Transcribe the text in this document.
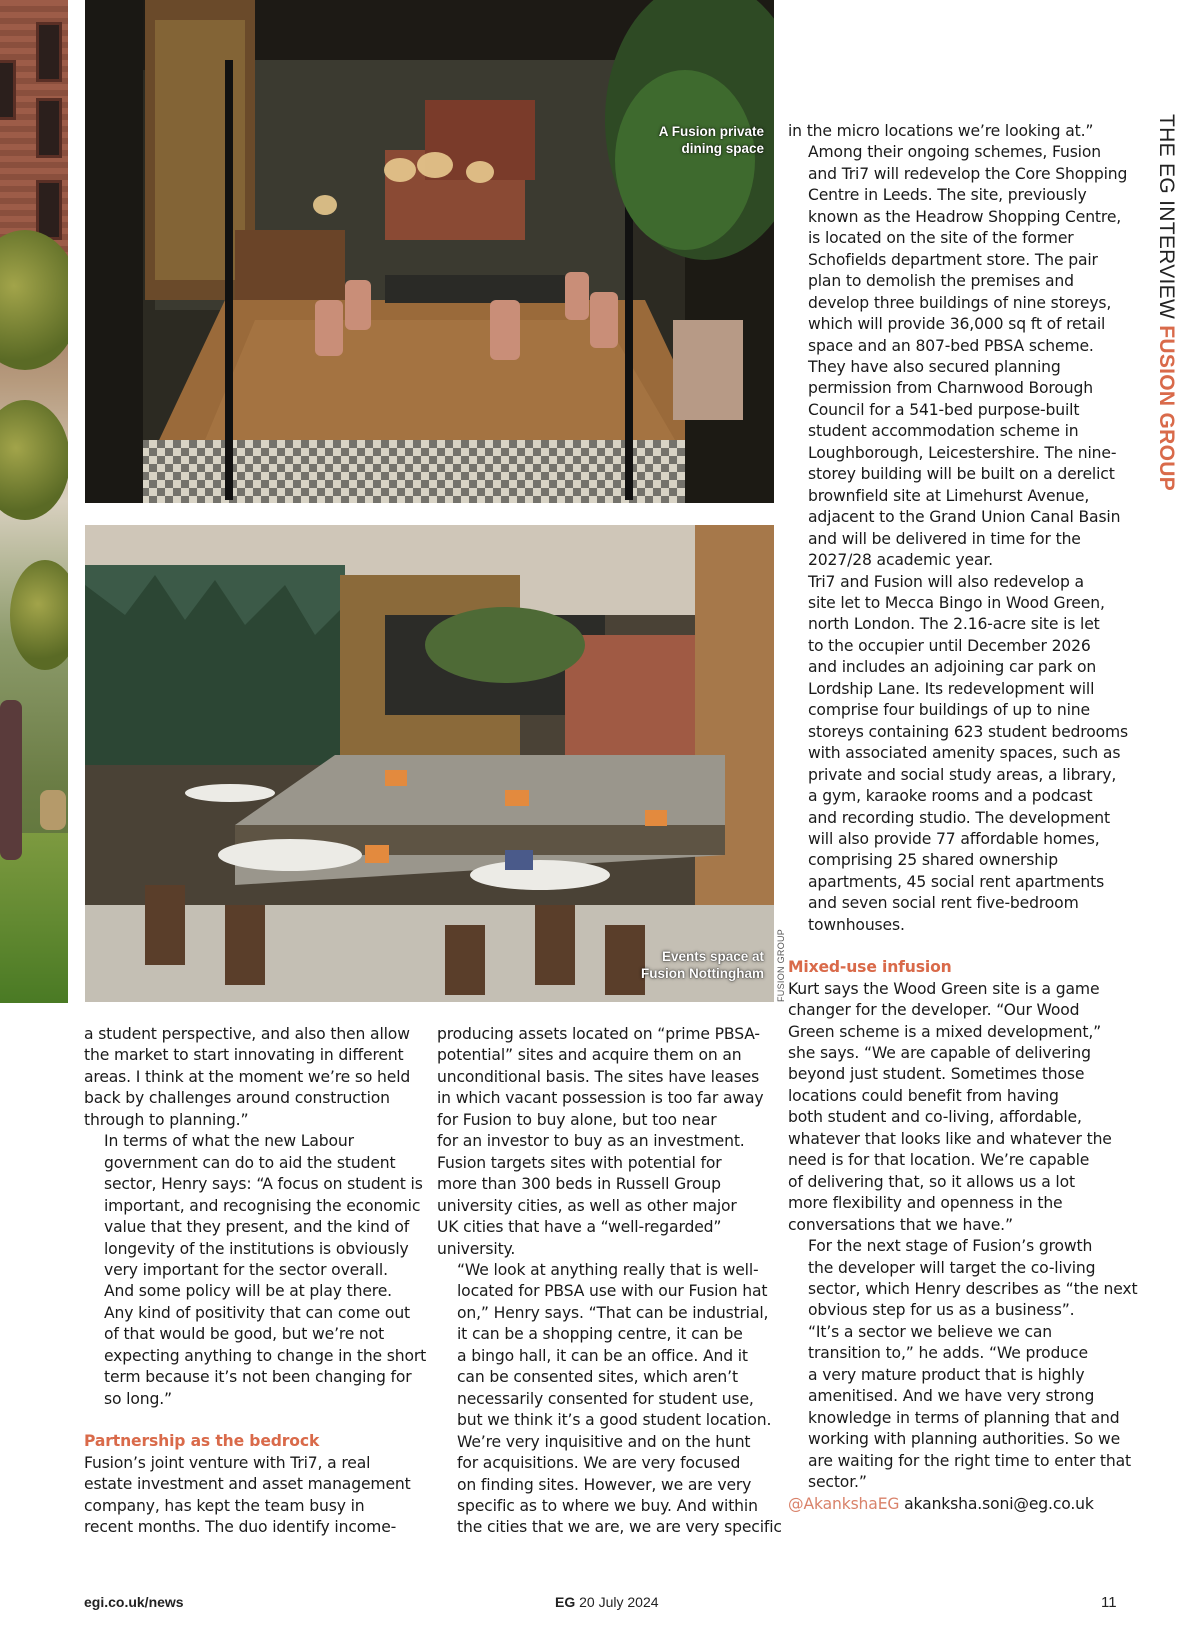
A Fusion private
dining space
Events space at
Fusion Nottingham FUSION GROUP
THE EG INTERVIEW FUSION GROUP

a student perspective, and also then allow
the market to start innovating in different
areas. I think at the moment we’re so held
back by challenges around construction
through to planning.”

In terms of what the new Labour
government can do to aid the student
sector, Henry says: “A focus on student is
important, and recognising the economic
value that they present, and the kind of
longevity of the institutions is obviously
very important for the sector overall.
And some policy will be at play there.
Any kind of positivity that can come out
of that would be good, but we’re not
expecting anything to change in the short
term because it’s not been changing for
so long.”

Partnership as the bedrock

Fusion’s joint venture with Tri7, a real
estate investment and asset management
company, has kept the team busy in
recent months. The duo identify income-

producing assets located on “prime PBSA-
potential” sites and acquire them on an
unconditional basis. The sites have leases
in which vacant possession is too far away
for Fusion to buy alone, but too near
for an investor to buy as an investment.
Fusion targets sites with potential for
more than 300 beds in Russell Group
university cities, as well as other major
UK cities that have a “well-regarded”
university.

“We look at anything really that is well-
located for PBSA use with our Fusion hat
on,” Henry says. “That can be industrial,
it can be a shopping centre, it can be
a bingo hall, it can be an office. And it
can be consented sites, which aren’t
necessarily consented for student use,
but we think it’s a good student location.
We’re very inquisitive and on the hunt
for acquisitions. We are very focused
on finding sites. However, we are very
specific as to where we buy. And within
the cities that we are, we are very specific

in the micro locations we’re looking at.”

Among their ongoing schemes, Fusion
and Tri7 will redevelop the Core Shopping
Centre in Leeds. The site, previously
known as the Headrow Shopping Centre,
is located on the site of the former
Schofields department store. The pair
plan to demolish the premises and
develop three buildings of nine storeys,
which will provide 36,000 sq ft of retail
space and an 807-bed PBSA scheme.

They have also secured planning
permission from Charnwood Borough
Council for a 541-bed purpose-built
student accommodation scheme in
Loughborough, Leicestershire. The nine-
storey building will be built on a derelict
brownfield site at Limehurst Avenue,
adjacent to the Grand Union Canal Basin
and will be delivered in time for the
2027/28 academic year.

Tri7 and Fusion will also redevelop a
site let to Mecca Bingo in Wood Green,
north London. The 2.16-acre site is let
to the occupier until December 2026
and includes an adjoining car park on
Lordship Lane. Its redevelopment will
comprise four buildings of up to nine
storeys containing 623 student bedrooms
with associated amenity spaces, such as
private and social study areas, a library,
a gym, karaoke rooms and a podcast
and recording studio. The development
will also provide 77 affordable homes,
comprising 25 shared ownership
apartments, 45 social rent apartments
and seven social rent five-bedroom
townhouses.

Mixed-use infusion

Kurt says the Wood Green site is a game
changer for the developer. “Our Wood
Green scheme is a mixed development,”
she says. “We are capable of delivering
beyond just student. Sometimes those
locations could benefit from having
both student and co-living, affordable,
whatever that looks like and whatever the
need is for that location. We’re capable
of delivering that, so it allows us a lot
more flexibility and openness in the
conversations that we have.”

For the next stage of Fusion’s growth
the developer will target the co-living
sector, which Henry describes as “the next
obvious step for us as a business”.

“It’s a sector we believe we can
transition to,” he adds. “We produce
a very mature product that is highly
amenitised. And we have very strong
knowledge in terms of planning that and
working with planning authorities. So we
are waiting for the right time to enter that
sector.”

@AkankshaEG akanksha.soni@eg.co.uk

egi.co.uk/news	EG 20 July 2024	11
